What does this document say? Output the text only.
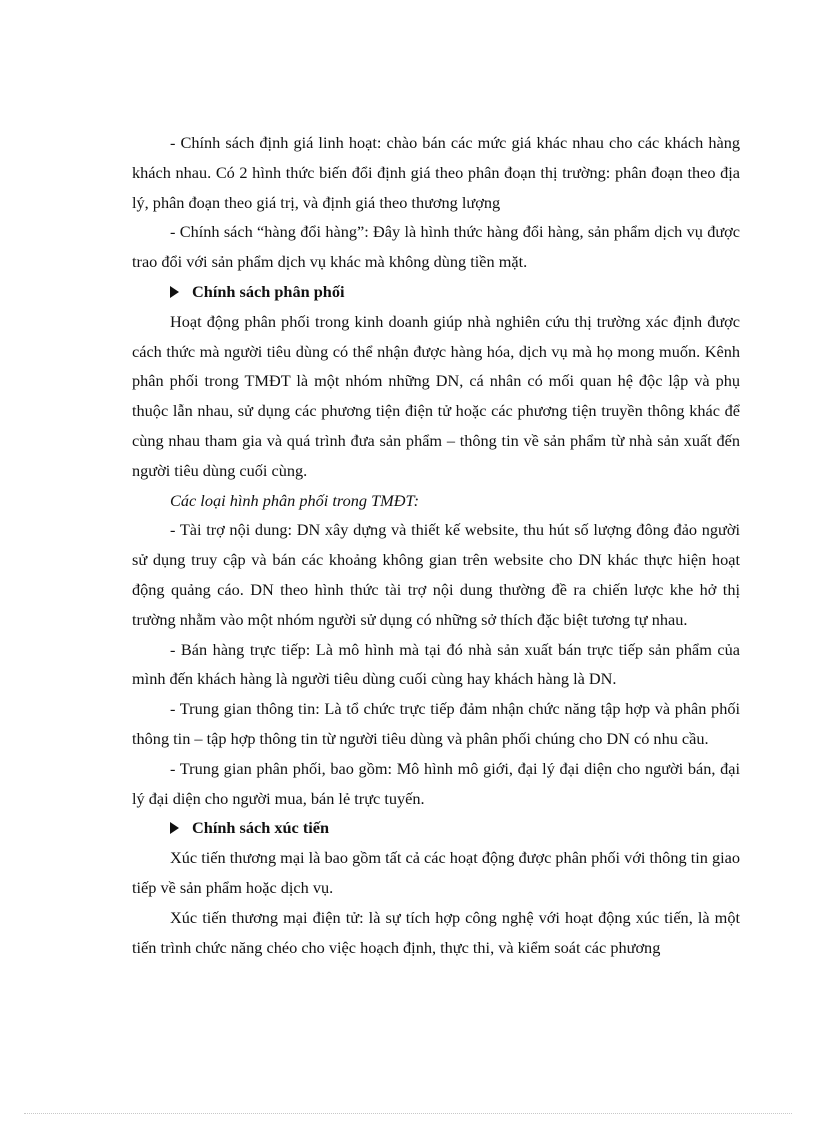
- Chính sách định giá linh hoạt: chào bán các mức giá khác nhau cho các khách hàng khách nhau. Có 2 hình thức biến đổi định giá theo phân đoạn thị trường: phân đoạn theo địa lý, phân đoạn theo giá trị, và định giá theo thương lượng

- Chính sách “hàng đổi hàng”: Đây là hình thức hàng đổi hàng, sản phẩm dịch vụ được trao đổi với sản phẩm dịch vụ khác mà không dùng tiền mặt.

Chính sách phân phối

Hoạt động phân phối trong kinh doanh giúp nhà nghiên cứu thị trường xác định được cách thức mà người tiêu dùng có thể nhận được hàng hóa, dịch vụ mà họ mong muốn. Kênh phân phối trong TMĐT là một nhóm những DN, cá nhân có mối quan hệ độc lập và phụ thuộc lẫn nhau, sử dụng các phương tiện điện tử hoặc các phương tiện truyền thông khác để cùng nhau tham gia và quá trình đưa sản phẩm – thông tin về sản phẩm từ nhà sản xuất đến người tiêu dùng cuối cùng.

Các loại hình phân phối trong TMĐT:

- Tài trợ nội dung: DN xây dựng và thiết kế website, thu hút số lượng đông đảo người sử dụng truy cập và bán các khoảng không gian trên website cho DN khác thực hiện hoạt động quảng cáo. DN theo hình thức tài trợ nội dung thường đề ra chiến lược khe hở thị trường nhằm vào một nhóm người sử dụng có những sở thích đặc biệt tương tự nhau.

- Bán hàng trực tiếp: Là mô hình mà tại đó nhà sản xuất bán trực tiếp sản phẩm của mình đến khách hàng là người tiêu dùng cuối cùng hay khách hàng là DN.

- Trung gian thông tin: Là tổ chức trực tiếp đảm nhận chức năng tập hợp và phân phối thông tin – tập hợp thông tin từ người tiêu dùng và phân phối chúng cho DN có nhu cầu.

- Trung gian phân phối, bao gồm: Mô hình mô giới, đại lý đại diện cho người bán, đại lý đại diện cho người mua, bán lẻ trực tuyến.

Chính sách xúc tiến

Xúc tiến thương mại là bao gồm tất cả các hoạt động được phân phối với thông tin giao tiếp về sản phẩm hoặc dịch vụ.

Xúc tiến thương mại điện tử: là sự tích hợp công nghệ với hoạt động xúc tiến, là một tiến trình chức năng chéo cho việc hoạch định, thực thi, và kiểm soát các phương
